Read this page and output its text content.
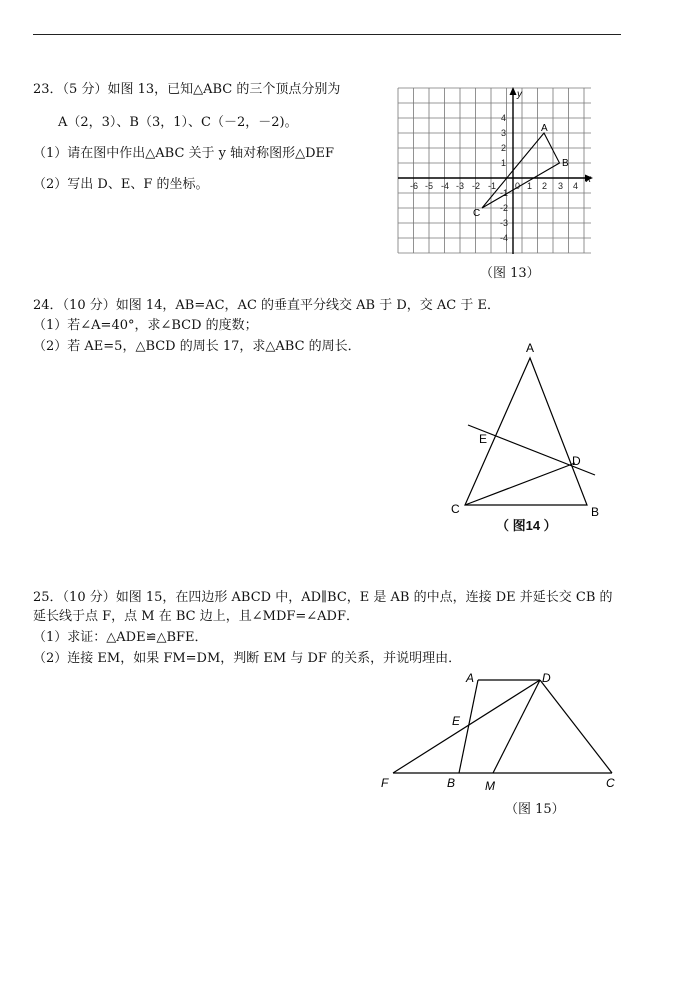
23．（5 分）如图 13，已知△ABC 的三个顶点分别为
A（2，3）、B（3，1）、C（－2，－2)。
（1）请在图中作出△ABC 关于 y 轴对称图形△DEF
（2）写出 D、E、F 的坐标。	x
y
-6 -5 -4 -3 -2 -1 0 1 2 3 4
4
3
2
1
-1
-2
-3
-4
A
B
C
（图 13）
24．（10 分）如图 14，AB=AC，AC 的垂直平分线交 AB 于 D，交 AC 于 E．
（1）若∠A=40°，求∠BCD 的度数；
（2）若 AE=5，△BCD 的周长 17，求△ABC 的周长．	A
C	B
D
E
（ 图14 ）
25．（10 分）如图 15，在四边形 ABCD 中，AD∥BC，E 是 AB 的中点，连接 DE 并延长交 CB 的
延长线于点 F，点 M 在 BC 边上，且∠MDF=∠ADF．
（1）求证：△ADE≌△BFE．
（2）连接 EM，如果 FM=DM，判断 EM 与 DF 的关系，并说明理由．
A	D
E
F	B M	C
（图 15）
